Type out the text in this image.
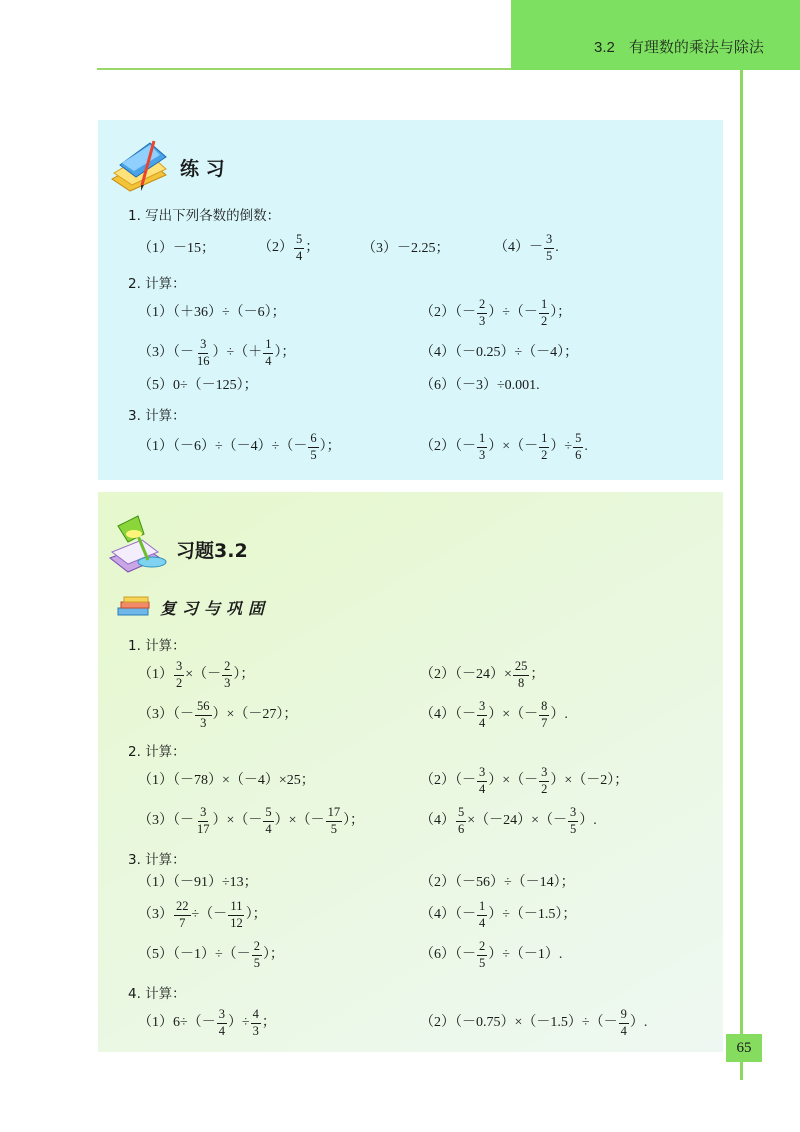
3.2 有理数的乘法与除法
65
练 习
1. 写出下列各数的倒数：
（1）－15；	$(2) \frac{5}{4}$ ；	（3）－2.25；	$(4)- \frac{3}{5}$ .
2. 计算：
（1）（＋36）÷（－6）；	$(2)(- \frac{2}{3}$ ）÷（－ $\frac{1}{2}$ ）；
$(3)(- \frac{3}{16}$ ）÷（＋ $\frac{1}{4}$ ）；	（4）（－0.25）÷（－4）；
（5）0÷（－125）；	（6）（－3）÷0.001.
3. 计算：
$(1)(-6)\div(-4)\div(- \frac{6}{5}$ ）；	$(2)(- \frac{1}{3}$ ）×（－ $\frac{1}{2}$ ）÷ $\frac{5}{6}$ .
习题3.2
复习与巩固
1. 计算：
$(1) \frac{3}{2}$ ×（－ $\frac{2}{3}$ ）；	$(2)(-24)\times \frac{25}{8}$ ；
$(3)(- \frac{56}{3} )\times(-27)$；	$(4)(- \frac{3}{4}$ ）×（－ $\frac{8}{7}$ ）.
2. 计算：
（1）（－78）×（－4）×25；	$(2)(- \frac{3}{4}$ ）×（－ $\frac{3}{2} )\times(-2)$；
$(3)(- \frac{3}{17}$ ）×（－ $\frac{5}{4}$ ）×（－ $\frac{17}{5}$ ）；	$(4) \frac{5}{6} \times(-24)\times(- \frac{3}{5}$ ）.
3. 计算：
（1）（－91）÷13；	（2）（－56）÷（－14）；
$(3) \frac{22}{7}$ ÷（－ $\frac{11}{12}$ ）；	$(4)(- \frac{1}{4} )\div(-1.5)$；
$(5)(-1)\div(- \frac{2}{5}$ ）；	$(6)(- \frac{2}{5} )\div(-1)$.
4. 计算：
$(1)6\div(- \frac{3}{4}$ ）÷ $\frac{4}{3}$ ；	$(2)(-0.75)\times(-1.5)\div(- \frac{9}{4}$ ）.
